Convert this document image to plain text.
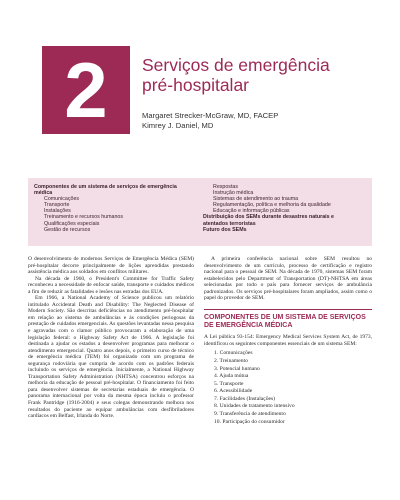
2 Serviços de emergência
pré-hospitalar
Margaret Strecker-McGraw, MD, FACEP
Kimrey J. Daniel, MD
Componentes de um sistema de serviços de emergência
médica
Comunicações
Transporte
Instalações
Treinamento e recursos humanos
Qualificações especiais
Gestão de recursos
Respostas
Instrução médica
Sistemas de atendimento ao trauma
Regulamentação, política e melhoria da qualidade
Educação e informação públicas
Distribuição dos SEMs durante desastres naturais e
atentados terroristas
Futuro dos SEMs

O desenvolvimento de modernos Serviços de Emergência Médica (SEM) pré-hospitalar decorre principalmente de lições aprendidas prestando assistência médica aos soldados em conflitos militares.

Na década de 1960, o President's Committee for Traffic Safety reconheceu a necessidade de enfocar saúde, transporte e cuidados médicos a fim de reduzir as fatalidades e lesões nas estradas dos EUA.

Em 1966, a National Academy of Science publicou um relatório intitulado Accidental Death and Disability: The Neglected Disease of Modern Society. São descritas deficiências no atendimento pré-hospitalar em relação ao sistema de ambulâncias e às condições periogosas da prestação de cuidados emergenciais. As questões levantadas nessa pesquisa e agravadas com o clamor público provocaram a elaboração de uma legislação federal: o Highway Safety Act de 1966. A legislação foi destinada a ajudar os estados a desenvolver programas para melhorar o atendimento emergencial. Quatro anos depois, o primeiro curso de técnico de emergência médica (TEM) foi organizado com um programa de segurança rodoviária que cumpria de acordo com os padrões federais incluindo os serviços de emergência. Inicialmente, a National Highway Transportation Safety Administration (NHTSA) concentrou esforços na melhoria da educação de pessoal pré-hospitalar. O financiamento foi feito para desenvolver sistemas de secretarias estaduais de emergência. O panorama internacional por volta da mesma época incluiu o professor Frank Pantridge (1916-2004) e seus colegas demonstrando melhora nos resultados do paciente ao equipar ambulâncias com desfibriladores cardíacos em Belfast, Irlanda do Norte.

A primeira conferência nacional sobre SEM resultou no desenvolvimento de um currículo, processo de certificação e registro nacional para o pessoal de SEM. Na década de 1970, sistemas SEM foram estabelecidos pelo Department of Transportation (DT)-NHTSA em áreas selecionadas por todo o país para fornecer serviços de ambulância padronizados. Os serviços pré-hospitalares foram ampliados, assim como o papel do provedor de SEM.

COMPONENTES DE UM SISTEMA DE SERVIÇOS DE EMERGÊNCIA MÉDICA

A Lei pública 93-154: Emergency Medical Services System Act, de 1973, identificou os seguintes componentes essenciais de um sistema SEM:

1. Comunicações
2. Treinamento
3. Potencial humano
4. Ajuda mútua
5. Transporte
6. Acessibilidade
7. Facilidades (Instalações)
8. Unidades de tratamento intensivo
9. Transferência de atendimento
10. Participação do consumidor
